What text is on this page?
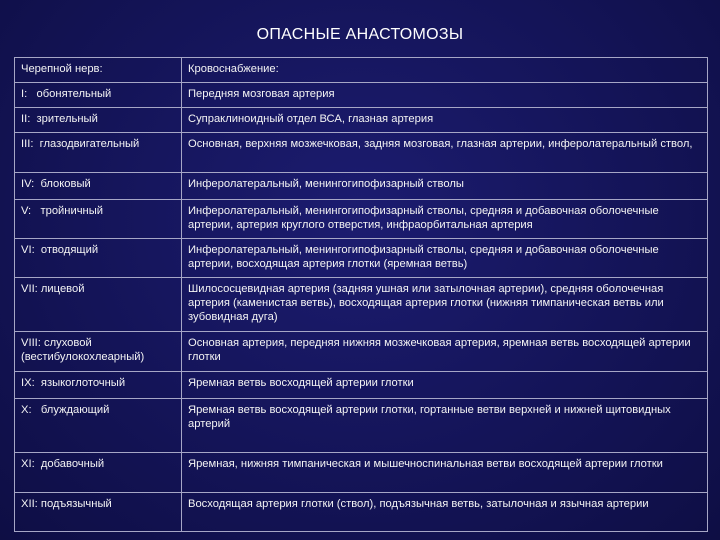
ОПАСНЫЕ АНАСТОМОЗЫ
Черепной нерв:	Кровоснабжение:
I:   обонятельный	Передняя мозговая артерия
II:  зрительный	Супраклиноидный отдел ВСА, глазная артерия
III:  глазодвигательный	Основная, верхняя мозжечковая, задняя мозговая, глазная артерии, инферолатеральный ствол,
IV:  блоковый	Инферолатеральный, менингогипофизарный стволы
V:   тройничный	Инферолатеральный, менингогипофизарный стволы, средняя и добавочная оболочечные артерии, артерия круглого отверстия, инфраорбитальная артерия
VI:  отводящий	Инферолатеральный, менингогипофизарный стволы, средняя и добавочная оболочечные артерии, восходящая артерия глотки (яремная ветвь)
VII: лицевой	Шилососцевидная артерия (задняя ушная или затылочная артерии), средняя оболочечная артерия (каменистая ветвь), восходящая артерия глотки (нижняя тимпаническая ветвь или зубовидная дуга)
VIII: слуховой (вестибулокохлеарный)	Основная артерия, передняя нижняя мозжечковая артерия, яремная ветвь восходящей артерии глотки
IX:  языкоглоточный	Яремная ветвь восходящей артерии глотки
X:   блуждающий	Яремная ветвь восходящей артерии глотки, гортанные ветви верхней и нижней щитовидных артерий
XI:  добавочный	Яремная, нижняя тимпаническая и мышечноспинальная ветви восходящей артерии глотки
XII: подъязычный	Восходящая артерия глотки (ствол), подъязычная ветвь, затылочная и язычная артерии
